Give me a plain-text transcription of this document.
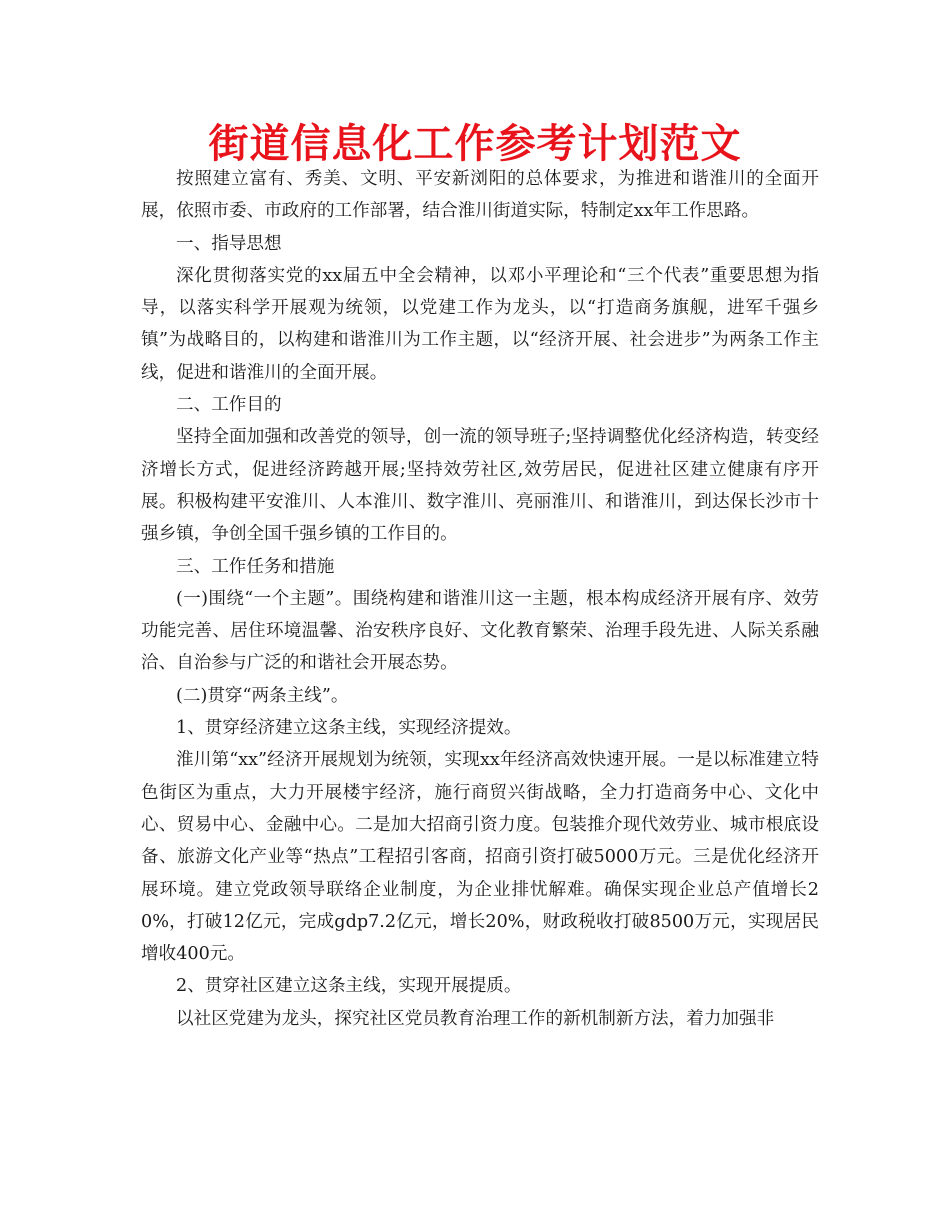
街道信息化工作参考计划范文

按照建立富有、秀美、文明、平安新浏阳的总体要求，为推进和谐淮川的全面开展，依照市委、市政府的工作部署，结合淮川街道实际，特制定xx年工作思路。

一、指导思想

深化贯彻落实党的xx届五中全会精神，以邓小平理论和“三个代表”重要思想为指导，以落实科学开展观为统领，以党建工作为龙头，以“打造商务旗舰，进军千强乡镇”为战略目的，以构建和谐淮川为工作主题，以“经济开展、社会进步”为两条工作主线，促进和谐淮川的全面开展。

二、工作目的

坚持全面加强和改善党的领导，创一流的领导班子;坚持调整优化经济构造，转变经济增长方式，促进经济跨越开展;坚持效劳社区,效劳居民，促进社区建立健康有序开展。积极构建平安淮川、人本淮川、数字淮川、亮丽淮川、和谐淮川，到达保长沙市十强乡镇，争创全国千强乡镇的工作目的。

三、工作任务和措施

(一)围绕“一个主题”。围绕构建和谐淮川这一主题，根本构成经济开展有序、效劳功能完善、居住环境温馨、治安秩序良好、文化教育繁荣、治理手段先进、人际关系融洽、自治参与广泛的和谐社会开展态势。

(二)贯穿“两条主线”。

1、贯穿经济建立这条主线，实现经济提效。

淮川第“xx”经济开展规划为统领，实现xx年经济高效快速开展。一是以标准建立特色街区为重点，大力开展楼宇经济，施行商贸兴街战略，全力打造商务中心、文化中心、贸易中心、金融中心。二是加大招商引资力度。包装推介现代效劳业、城市根底设备、旅游文化产业等“热点”工程招引客商，招商引资打破5000万元。三是优化经济开展环境。建立党政领导联络企业制度，为企业排忧解难。确保实现企业总产值增长20%，打破12亿元，完成gdp7.2亿元，增长20%，财政税收打破8500万元，实现居民增收400元。

2、贯穿社区建立这条主线，实现开展提质。

以社区党建为龙头，探究社区党员教育治理工作的新机制新方法，着力加强非
